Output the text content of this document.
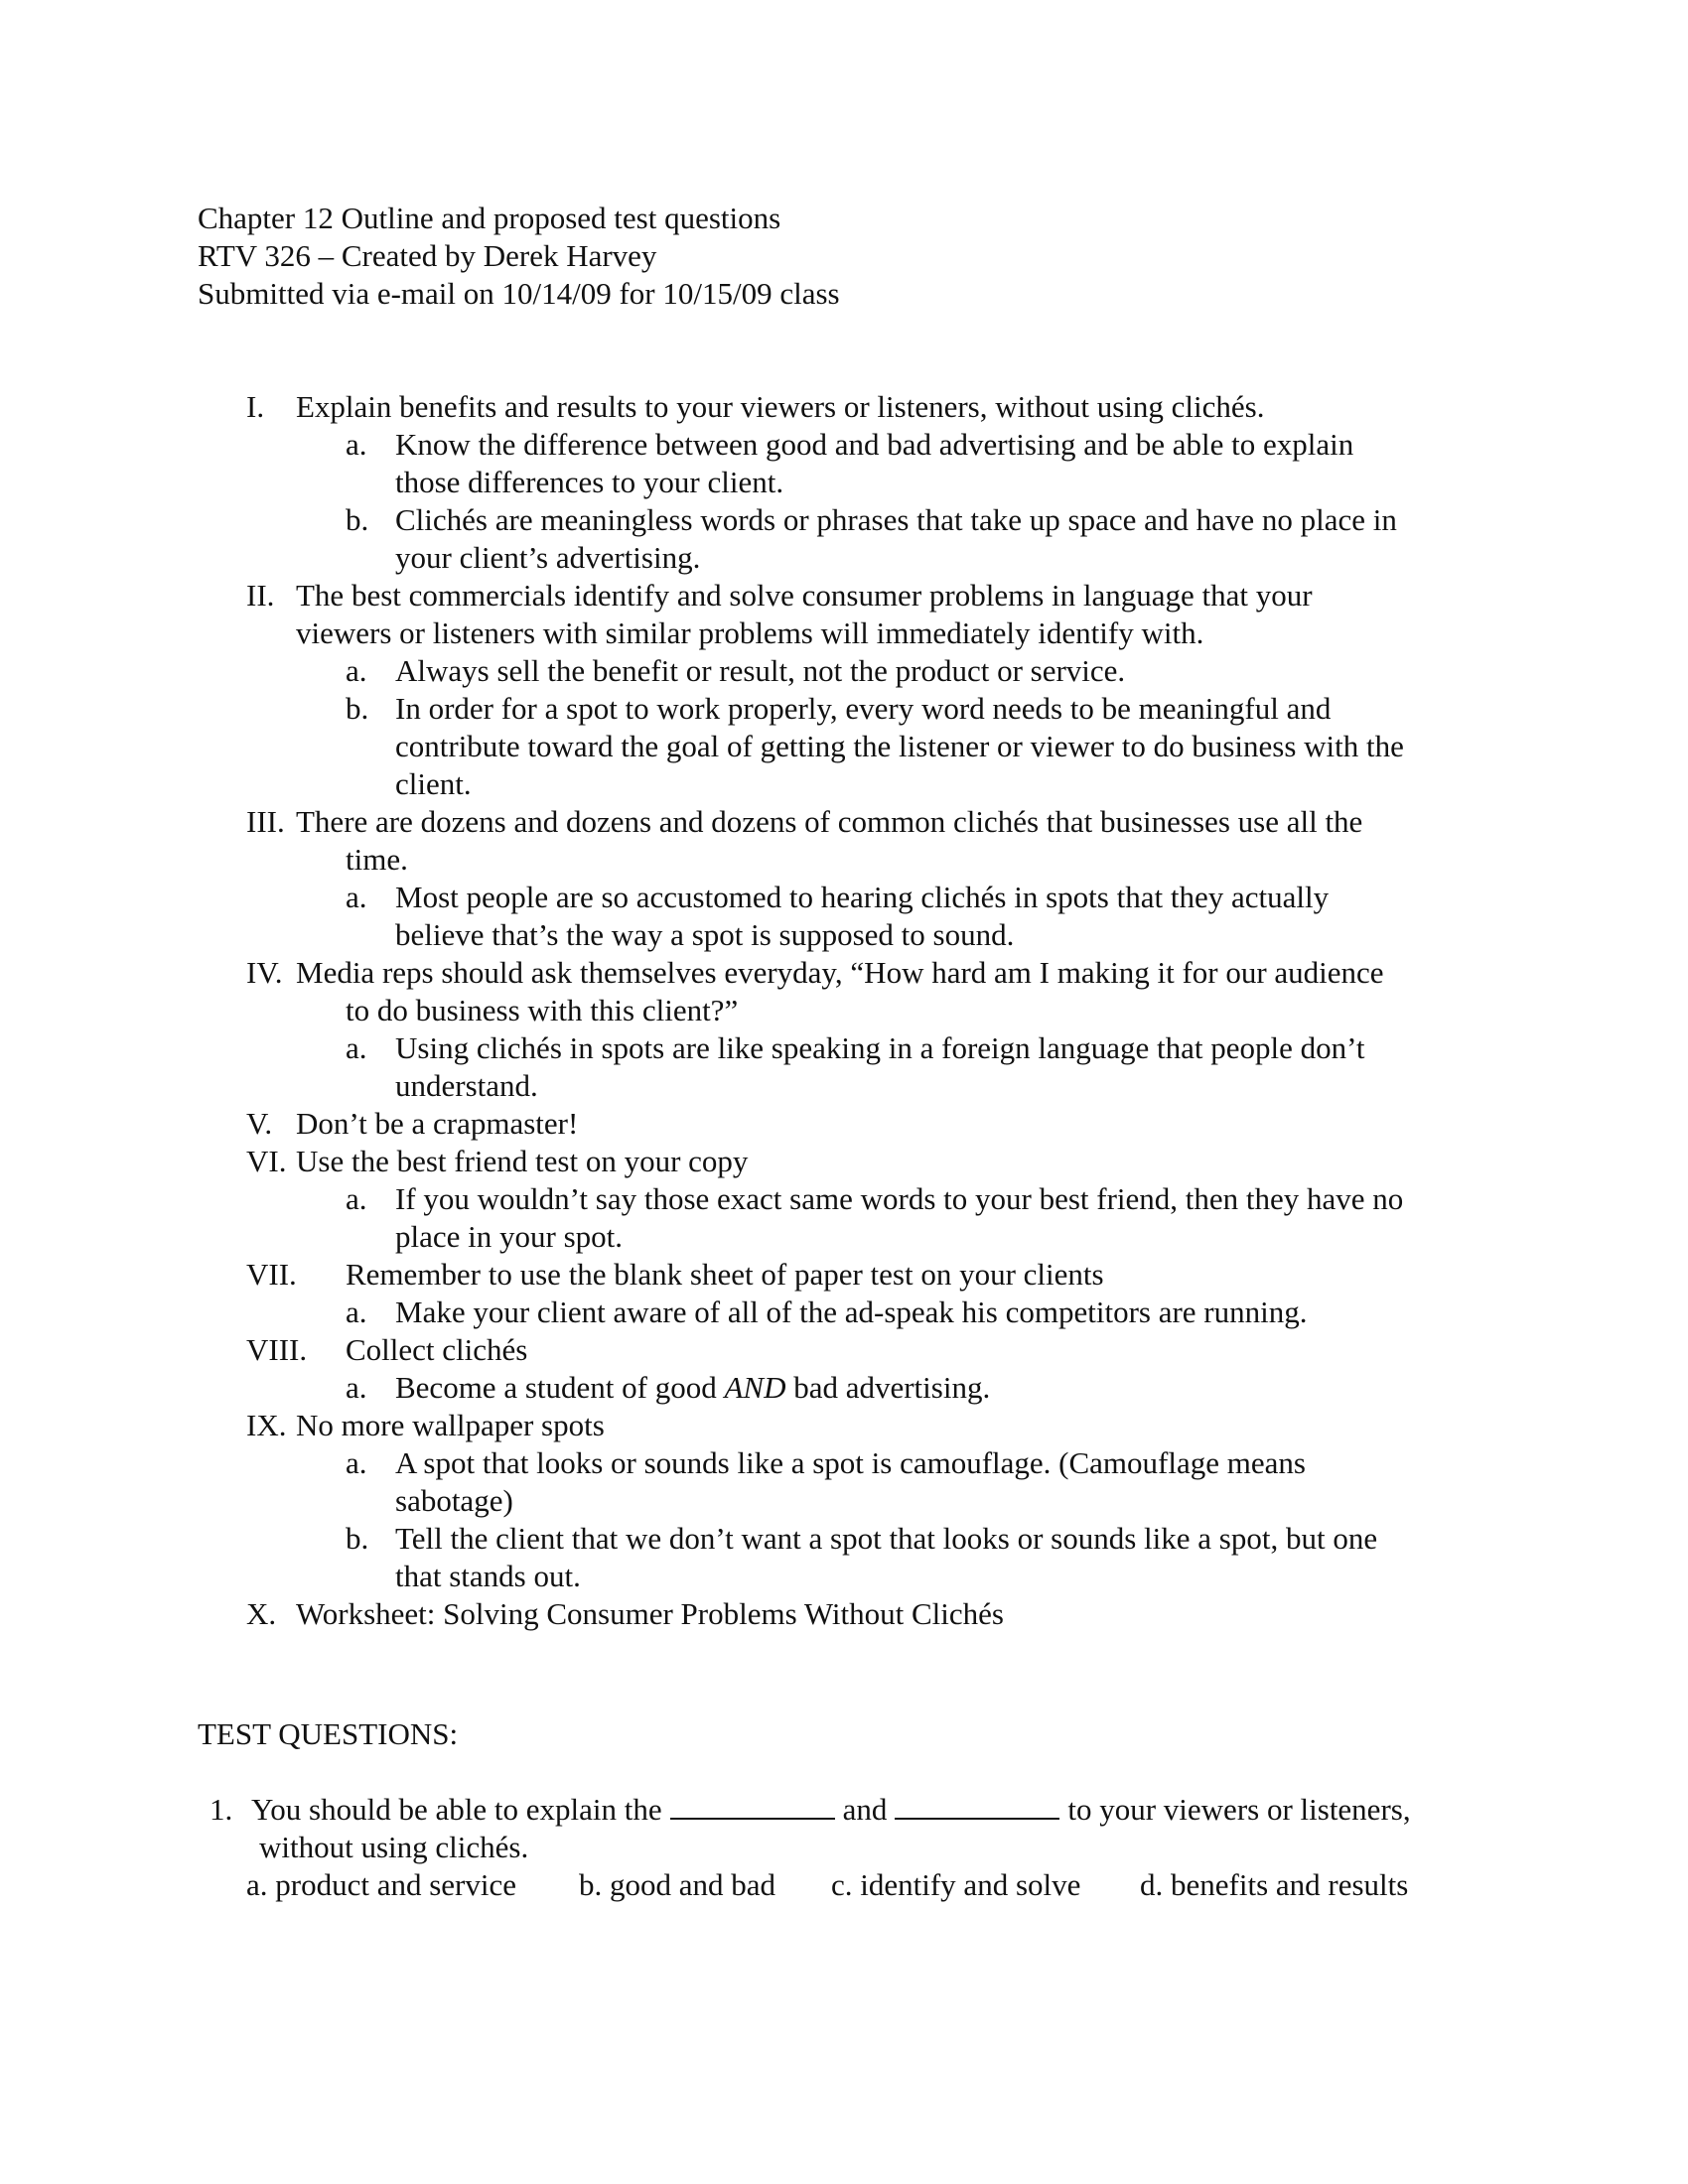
Chapter 12 Outline and proposed test questions
RTV 326 – Created by Derek Harvey
Submitted via e-mail on 10/14/09 for 10/15/09 class
I. Explain benefits and results to your viewers or listeners, without using clichés.
a. Know the difference between good and bad advertising and be able to explain
those differences to your client.
b. Clichés are meaningless words or phrases that take up space and have no place in
your client’s advertising.
II. The best commercials identify and solve consumer problems in language that your
viewers or listeners with similar problems will immediately identify with.
a. Always sell the benefit or result, not the product or service.
b. In order for a spot to work properly, every word needs to be meaningful and
contribute toward the goal of getting the listener or viewer to do business with the
client.
III. There are dozens and dozens and dozens of common clichés that businesses use all the
time.
a. Most people are so accustomed to hearing clichés in spots that they actually
believe that’s the way a spot is supposed to sound.
IV. Media reps should ask themselves everyday, “How hard am I making it for our audience
to do business with this client?”
a. Using clichés in spots are like speaking in a foreign language that people don’t
understand.
V. Don’t be a crapmaster!
VI. Use the best friend test on your copy
a. If you wouldn’t say those exact same words to your best friend, then they have no
place in your spot.
VII. Remember to use the blank sheet of paper test on your clients
a. Make your client aware of all of the ad-speak his competitors are running.
VIII. Collect clichés
a. Become a student of good AND bad advertising.
IX. No more wallpaper spots
a. A spot that looks or sounds like a spot is camouflage. (Camouflage means
sabotage)
b. Tell the client that we don’t want a spot that looks or sounds like a spot, but one
that stands out.
X. Worksheet: Solving Consumer Problems Without Clichés
TEST QUESTIONS:
1. You should be able to explain the	and	to your viewers or listeners,
without using clichés.
a. product and service b. good and bad c. identify and solve d. benefits and results
